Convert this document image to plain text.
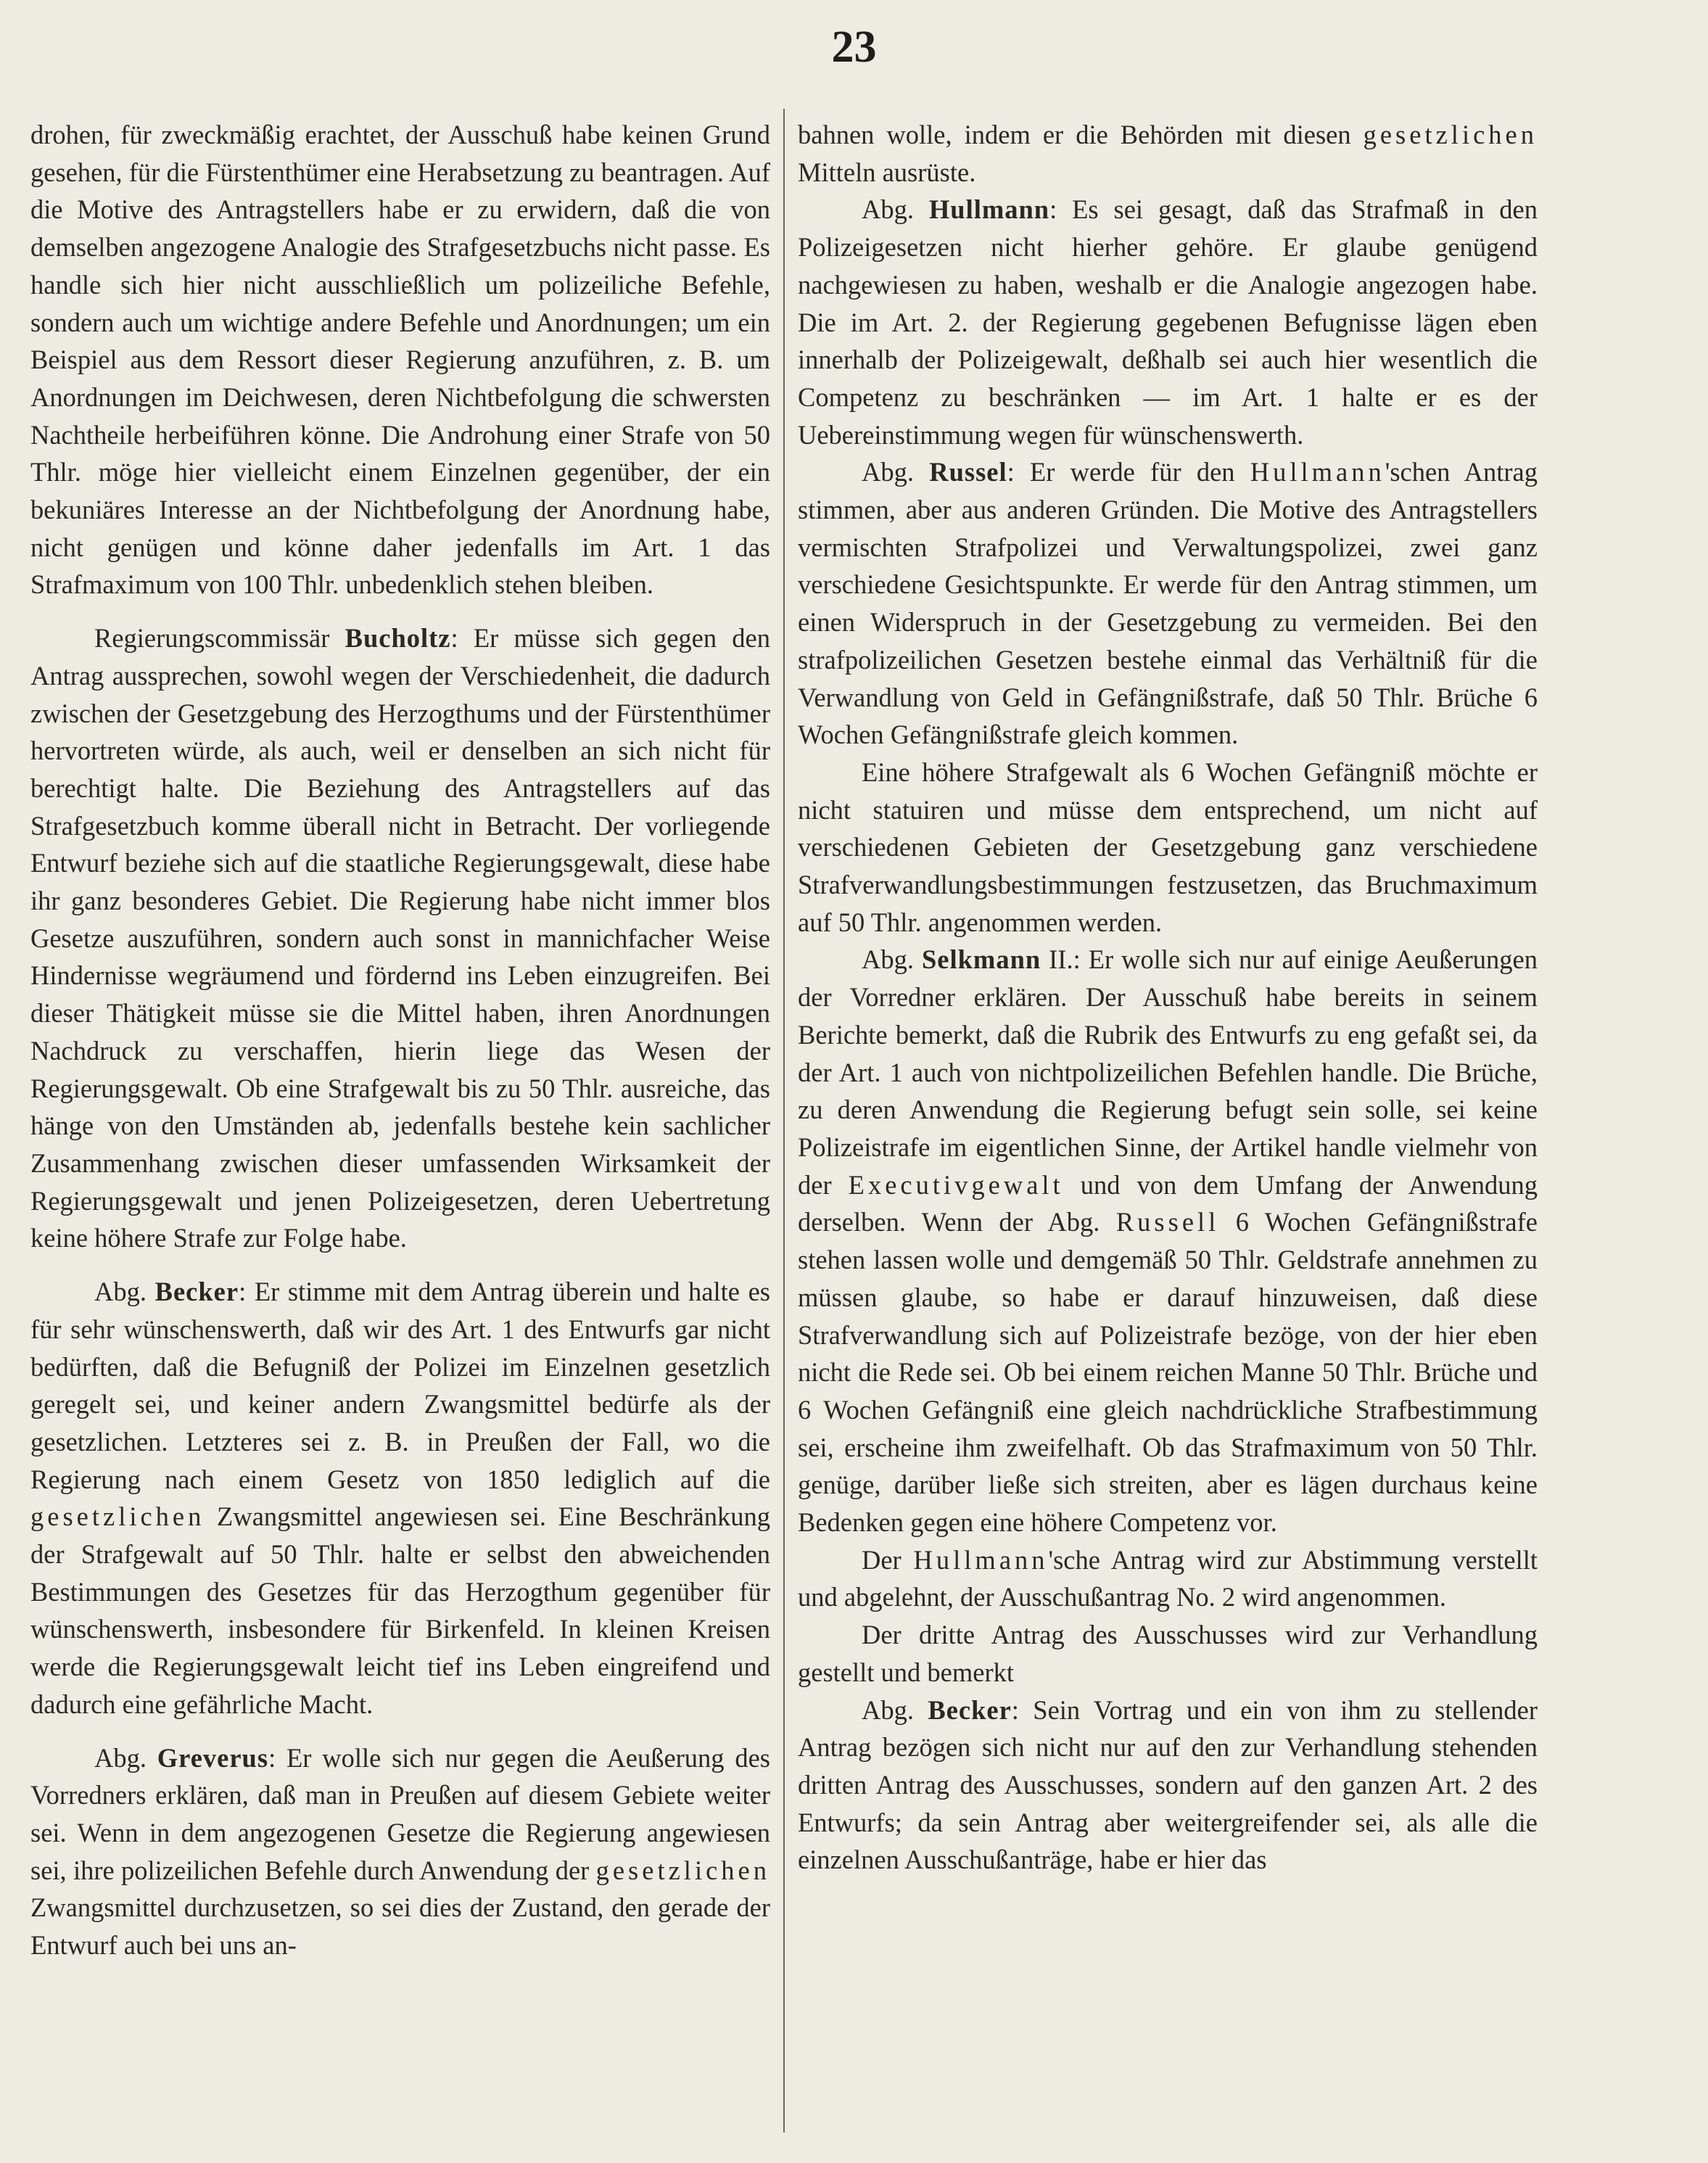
23

drohen, für zweckmäßig erachtet, der Ausschuß habe keinen Grund gesehen, für die Fürstenthümer eine Herabsetzung zu beantragen. Auf die Motive des Antragstellers habe er zu erwidern, daß die von demselben angezogene Analogie des Strafgesetzbuchs nicht passe. Es handle sich hier nicht ausschließlich um polizeiliche Befehle, sondern auch um wichtige andere Befehle und Anordnungen; um ein Beispiel aus dem Ressort dieser Regierung anzuführen, z. B. um Anordnungen im Deichwesen, deren Nichtbefolgung die schwersten Nachtheile herbeiführen könne. Die Androhung einer Strafe von 50 Thlr. möge hier vielleicht einem Einzelnen gegenüber, der ein bekuniäres Interesse an der Nichtbefolgung der Anordnung habe, nicht genügen und könne daher jedenfalls im Art. 1 das Strafmaximum von 100 Thlr. unbedenklich stehen bleiben.

Regierungscommissär Bucholtz: Er müsse sich gegen den Antrag aussprechen, sowohl wegen der Verschiedenheit, die dadurch zwischen der Gesetzgebung des Herzogthums und der Fürstenthümer hervortreten würde, als auch, weil er denselben an sich nicht für berechtigt halte. Die Beziehung des Antragstellers auf das Strafgesetzbuch komme überall nicht in Betracht. Der vorliegende Entwurf beziehe sich auf die staatliche Regierungsgewalt, diese habe ihr ganz besonderes Gebiet. Die Regierung habe nicht immer blos Gesetze auszuführen, sondern auch sonst in mannichfacher Weise Hindernisse wegräumend und fördernd ins Leben einzugreifen. Bei dieser Thätigkeit müsse sie die Mittel haben, ihren Anordnungen Nachdruck zu verschaffen, hierin liege das Wesen der Regierungsgewalt. Ob eine Strafgewalt bis zu 50 Thlr. ausreiche, das hänge von den Umständen ab, jedenfalls bestehe kein sachlicher Zusammenhang zwischen dieser umfassenden Wirksamkeit der Regierungsgewalt und jenen Polizeigesetzen, deren Uebertretung keine höhere Strafe zur Folge habe.

Abg. Becker: Er stimme mit dem Antrag überein und halte es für sehr wünschenswerth, daß wir des Art. 1 des Entwurfs gar nicht bedürften, daß die Befugniß der Polizei im Einzelnen gesetzlich geregelt sei, und keiner andern Zwangsmittel bedürfe als der gesetzlichen. Letzteres sei z. B. in Preußen der Fall, wo die Regierung nach einem Gesetz von 1850 lediglich auf die gesetzlichen Zwangsmittel angewiesen sei. Eine Beschränkung der Strafgewalt auf 50 Thlr. halte er selbst den abweichenden Bestimmungen des Gesetzes für das Herzogthum gegenüber für wünschenswerth, insbesondere für Birkenfeld. In kleinen Kreisen werde die Regierungsgewalt leicht tief ins Leben eingreifend und dadurch eine gefährliche Macht.

Abg. Greverus: Er wolle sich nur gegen die Aeußerung des Vorredners erklären, daß man in Preußen auf diesem Gebiete weiter sei. Wenn in dem angezogenen Gesetze die Regierung angewiesen sei, ihre polizeilichen Befehle durch Anwendung der gesetzlichen Zwangsmittel durchzusetzen, so sei dies der Zustand, den gerade der Entwurf auch bei uns an-

bahnen wolle, indem er die Behörden mit diesen gesetzlichen Mitteln ausrüste.

Abg. Hullmann: Es sei gesagt, daß das Strafmaß in den Polizeigesetzen nicht hierher gehöre. Er glaube genügend nachgewiesen zu haben, weshalb er die Analogie angezogen habe. Die im Art. 2. der Regierung gegebenen Befugnisse lägen eben innerhalb der Polizeigewalt, deßhalb sei auch hier wesentlich die Competenz zu beschränken — im Art. 1 halte er es der Uebereinstimmung wegen für wünschenswerth.

Abg. Russel: Er werde für den Hullmann'schen Antrag stimmen, aber aus anderen Gründen. Die Motive des Antragstellers vermischten Strafpolizei und Verwaltungspolizei, zwei ganz verschiedene Gesichtspunkte. Er werde für den Antrag stimmen, um einen Widerspruch in der Gesetzgebung zu vermeiden. Bei den strafpolizeilichen Gesetzen bestehe einmal das Verhältniß für die Verwandlung von Geld in Gefängnißstrafe, daß 50 Thlr. Brüche 6 Wochen Gefängnißstrafe gleich kommen.

Eine höhere Strafgewalt als 6 Wochen Gefängniß möchte er nicht statuiren und müsse dem entsprechend, um nicht auf verschiedenen Gebieten der Gesetzgebung ganz verschiedene Strafverwandlungsbestimmungen festzusetzen, das Bruchmaximum auf 50 Thlr. angenommen werden.

Abg. Selkmann II.: Er wolle sich nur auf einige Aeußerungen der Vorredner erklären. Der Ausschuß habe bereits in seinem Berichte bemerkt, daß die Rubrik des Entwurfs zu eng gefaßt sei, da der Art. 1 auch von nichtpolizeilichen Befehlen handle. Die Brüche, zu deren Anwendung die Regierung befugt sein solle, sei keine Polizeistrafe im eigentlichen Sinne, der Artikel handle vielmehr von der Executivgewalt und von dem Umfang der Anwendung derselben. Wenn der Abg. Russell 6 Wochen Gefängnißstrafe stehen lassen wolle und demgemäß 50 Thlr. Geldstrafe annehmen zu müssen glaube, so habe er darauf hinzuweisen, daß diese Strafverwandlung sich auf Polizeistrafe bezöge, von der hier eben nicht die Rede sei. Ob bei einem reichen Manne 50 Thlr. Brüche und 6 Wochen Gefängniß eine gleich nachdrückliche Strafbestimmung sei, erscheine ihm zweifelhaft. Ob das Strafmaximum von 50 Thlr. genüge, darüber ließe sich streiten, aber es lägen durchaus keine Bedenken gegen eine höhere Competenz vor.

Der Hullmann'sche Antrag wird zur Abstimmung verstellt und abgelehnt, der Ausschußantrag No. 2 wird angenommen.

Der dritte Antrag des Ausschusses wird zur Verhandlung gestellt und bemerkt

Abg. Becker: Sein Vortrag und ein von ihm zu stellender Antrag bezögen sich nicht nur auf den zur Verhandlung stehenden dritten Antrag des Ausschusses, sondern auf den ganzen Art. 2 des Entwurfs; da sein Antrag aber weitergreifender sei, als alle die einzelnen Ausschußanträge, habe er hier das
